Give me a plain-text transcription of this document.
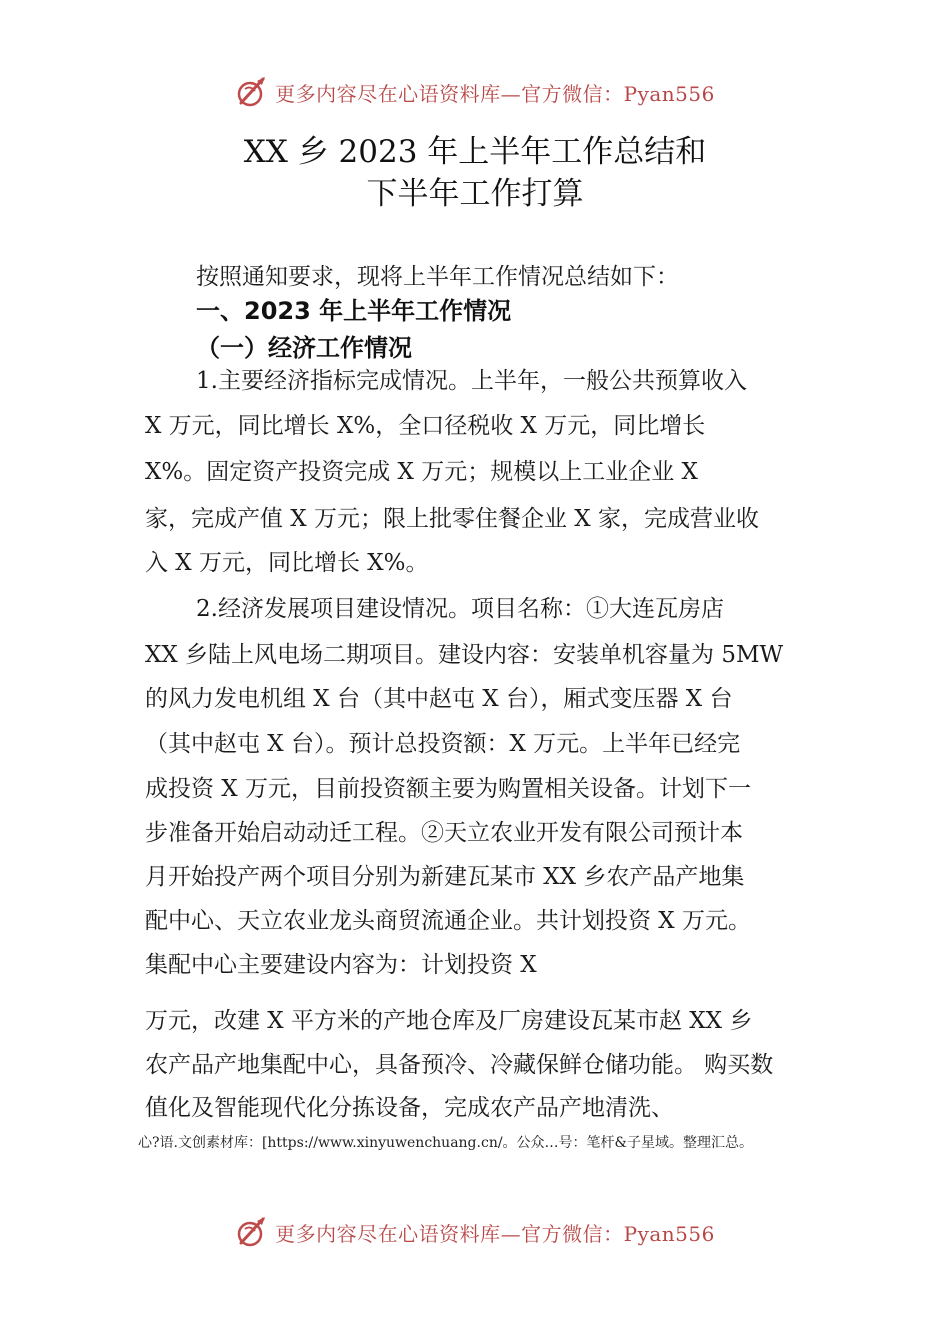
更多内容尽在心语资料库—官方微信：Pyan556
XX 乡 2023 年上半年工作总结和
下半年工作打算
按照通知要求，现将上半年工作情况总结如下：
一、2023 年上半年工作情况
（一）经济工作情况
1.主要经济指标完成情况。上半年，一般公共预算收入
X 万元，同比增长 X%，全口径税收 X 万元，同比增长
X%。固定资产投资完成 X 万元；规模以上工业企业 X
家，完成产值 X 万元；限上批零住餐企业 X 家，完成营业收
入 X 万元，同比增长 X%。
2.经济发展项目建设情况。项目名称：①大连瓦房店
XX 乡陆上风电场二期项目。建设内容：安装单机容量为 5MW
的风力发电机组 X 台（其中赵屯 X 台），厢式变压器 X 台
（其中赵屯 X 台）。预计总投资额：X 万元。上半年已经完
成投资 X 万元，目前投资额主要为购置相关设备。计划下一
步准备开始启动动迁工程。②天立农业开发有限公司预计本
月开始投产两个项目分别为新建瓦某市 XX 乡农产品产地集
配中心、天立农业龙头商贸流通企业。共计划投资 X 万元。
集配中心主要建设内容为：计划投资 X
万元，改建 X 平方米的产地仓库及厂房建设瓦某市赵 XX 乡
农产品产地集配中心，具备预冷、冷藏保鲜仓储功能。 购买数
值化及智能现代化分拣设备，完成农产品产地清洗、
心?语.文创素材库：[https://www.xinyuwenchuang.cn/。公众…号：笔杆&子星域。整理汇总。
更多内容尽在心语资料库—官方微信：Pyan556
